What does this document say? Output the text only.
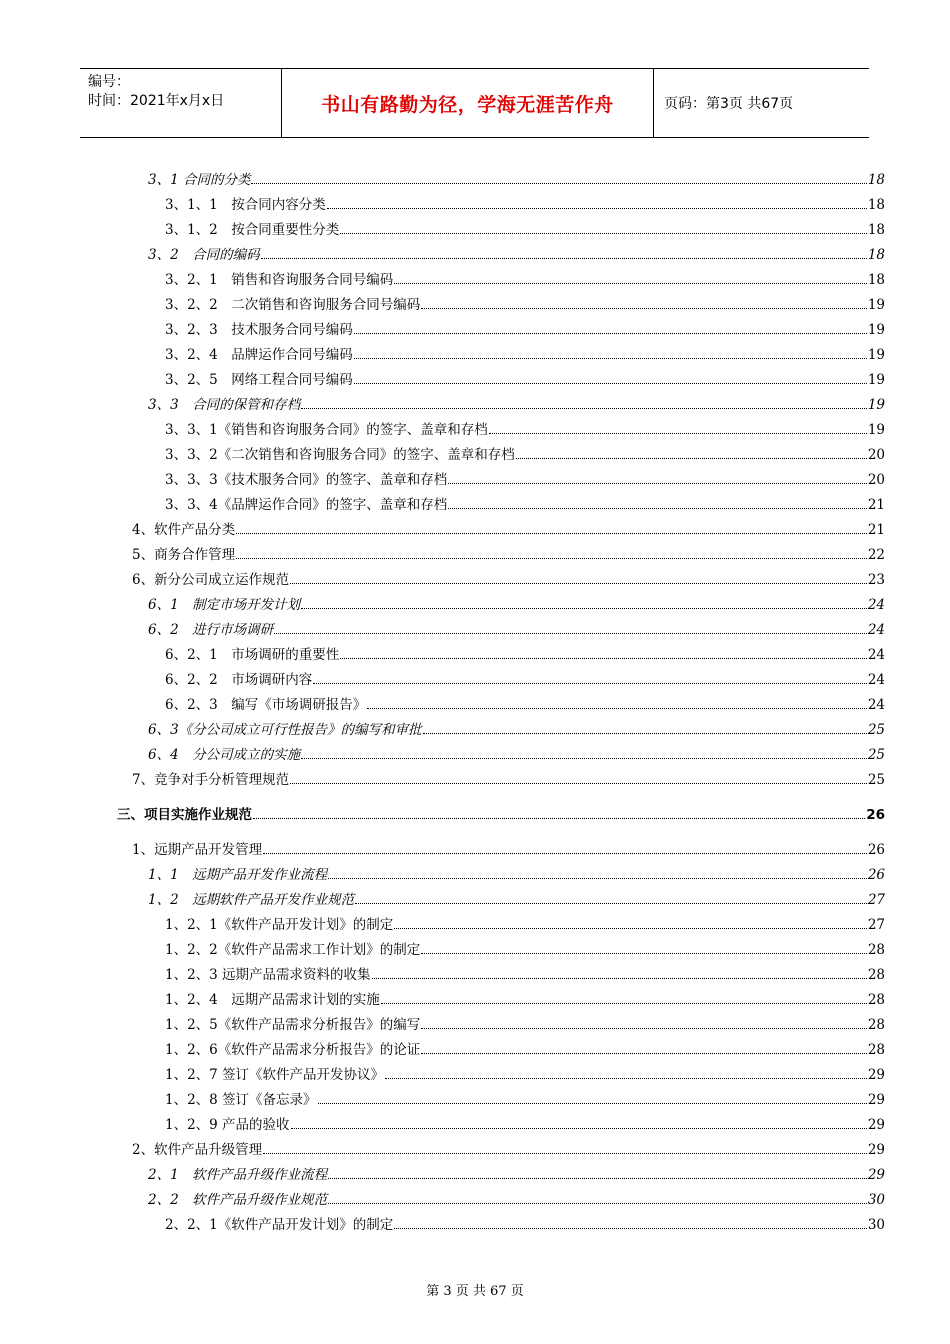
编号：
时间：2021年x月x日	书山有路勤为径，学海无涯苦作舟	页码：第3页 共67页
3、1 合同的分类	18
3、1、1　按合同内容分类	18
3、1、2　按合同重要性分类	18
3、2　合同的编码	18
3、2、1　销售和咨询服务合同号编码	18
3、2、2　二次销售和咨询服务合同号编码	19
3、2、3　技术服务合同号编码	19
3、2、4　品牌运作合同号编码	19
3、2、5　网络工程合同号编码	19
3、3　合同的保管和存档	19
3、3、1《销售和咨询服务合同》的签字、盖章和存档	19
3、3、2《二次销售和咨询服务合同》的签字、盖章和存档	20
3、3、3《技术服务合同》的签字、盖章和存档	20
3、3、4《品牌运作合同》的签字、盖章和存档	21
4、软件产品分类	21
5、商务合作管理	22
6、新分公司成立运作规范	23
6、1　制定市场开发计划	24
6、2　进行市场调研	24
6、2、1　市场调研的重要性	24
6、2、2　市场调研内容	24
6、2、3　编写《市场调研报告》	24
6、3《分公司成立可行性报告》的编写和审批	25
6、4　分公司成立的实施	25
7、竞争对手分析管理规范	25
三、项目实施作业规范	26
1、远期产品开发管理	26
1、1　远期产品开发作业流程	26
1、2　远期软件产品开发作业规范	27
1、2、1《软件产品开发计划》的制定	27
1、2、2《软件产品需求工作计划》的制定	28
1、2、3 远期产品需求资料的收集	28
1、2、4　远期产品需求计划的实施	28
1、2、5《软件产品需求分析报告》的编写	28
1、2、6《软件产品需求分析报告》的论证	28
1、2、7 签订《软件产品开发协议》	29
1、2、8 签订《备忘录》	29
1、2、9 产品的验收	29
2、软件产品升级管理	29
2、1　软件产品升级作业流程	29
2、2　软件产品升级作业规范	30
2、2、1《软件产品开发计划》的制定	30
第 3 页 共 67 页
